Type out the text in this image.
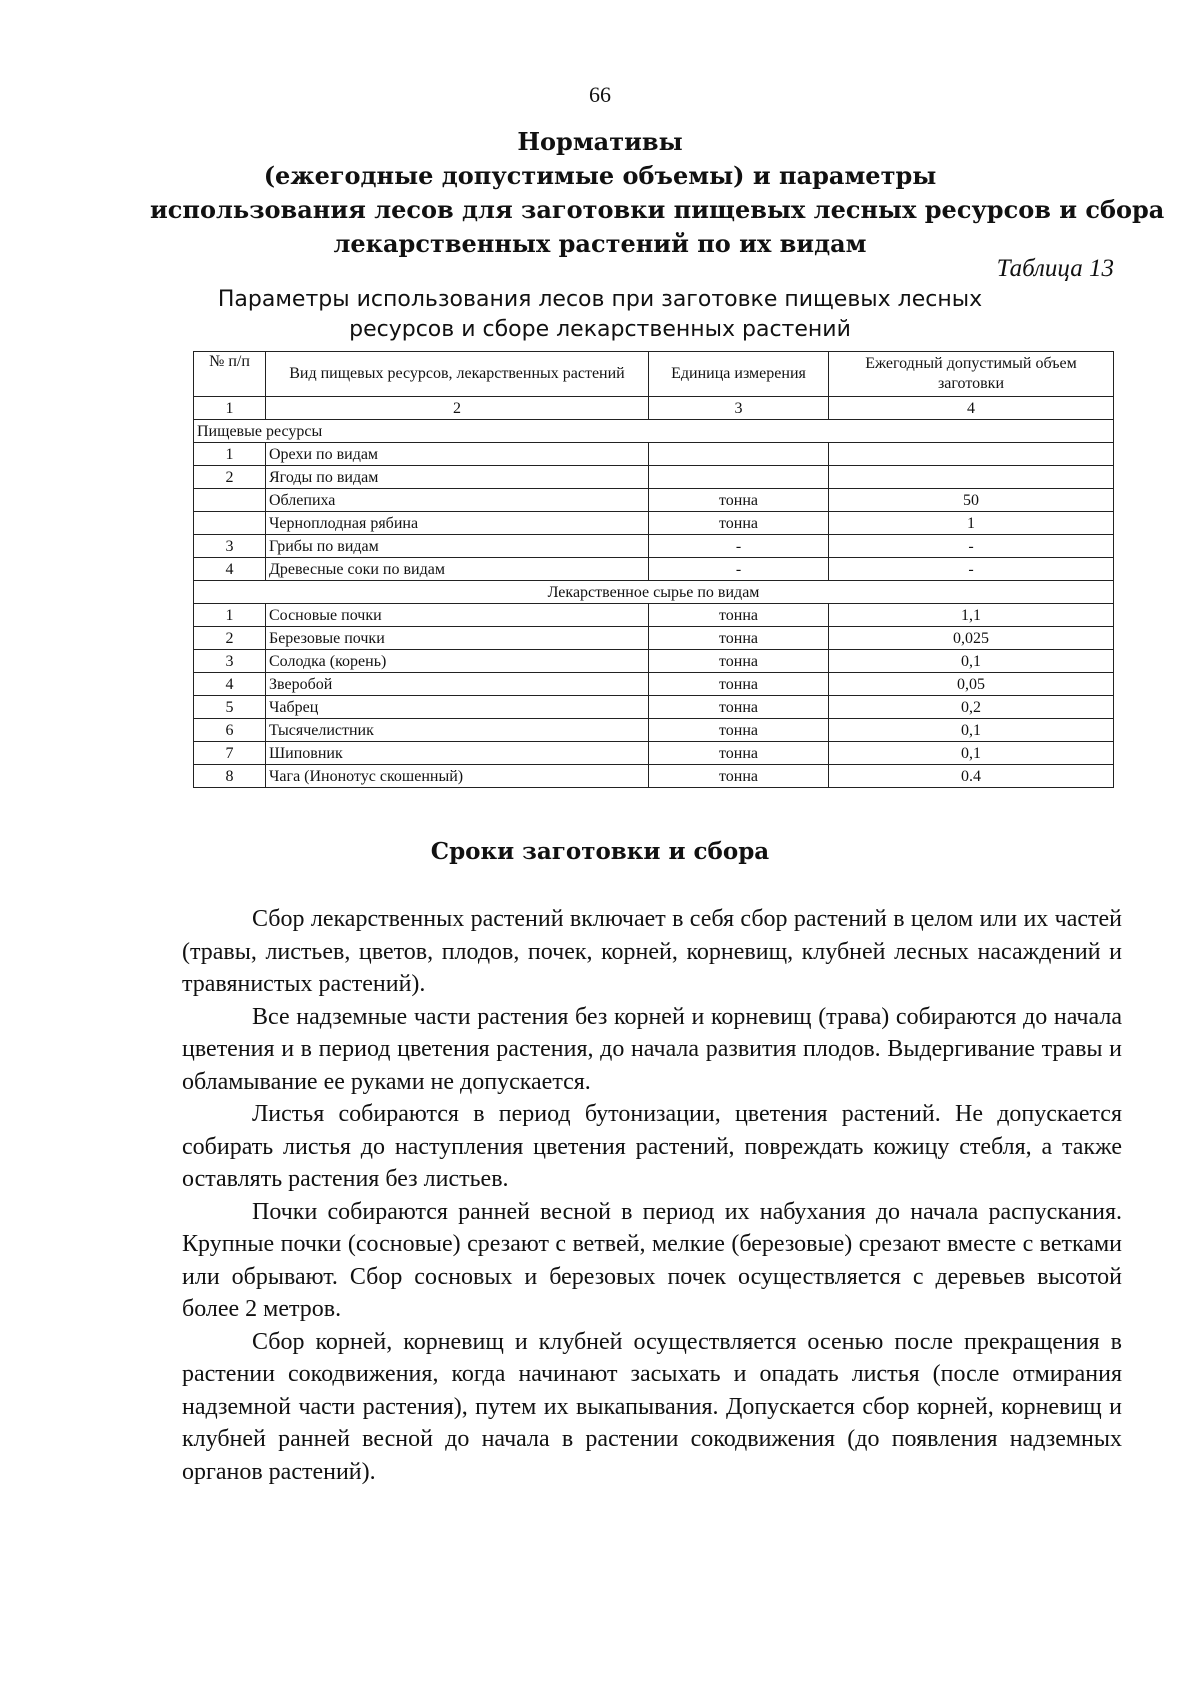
66
Нормативы
(ежегодные допустимые объемы) и параметры
использования лесов для заготовки пищевых лесных ресурсов и сбора
лекарственных растений по их видам
Таблица 13
Параметры использования лесов при заготовке пищевых лесных
ресурсов и сборе лекарственных растений
№ п/п	Вид пищевых ресурсов, лекарственных растений	Единица измерения	Ежегодный допустимый объем заготовки
1	2	3	4
Пищевые ресурсы			
1	Орехи по видам		
2	Ягоды по видам		
	Облепиха	тонна	50
	Черноплодная рябина	тонна	1
3	Грибы по видам	-	-
4	Древесные соки по видам	-	-
Лекарственное сырье по видам			
1	Сосновые почки	тонна	1,1
2	Березовые почки	тонна	0,025
3	Солодка (корень)	тонна	0,1
4	Зверобой	тонна	0,05
5	Чабрец	тонна	0,2
6	Тысячелистник	тонна	0,1
7	Шиповник	тонна	0,1
8	Чага (Инонотус скошенный)	тонна	0.4
Сроки заготовки и сбора

Сбор лекарственных растений включает в себя сбор растений в целом или их частей (травы, листьев, цветов, плодов, почек, корней, корневищ, клубней лесных насаждений и травянистых растений).

Все надземные части растения без корней и корневищ (трава) собираются до начала цветения и в период цветения растения, до начала развития плодов. Выдергивание травы и обламывание ее руками не допускается.

Листья собираются в период бутонизации, цветения растений. Не допускается собирать листья до наступления цветения растений, повреждать кожицу стебля, а также оставлять растения без листьев.

Почки собираются ранней весной в период их набухания до начала распускания. Крупные почки (сосновые) срезают с ветвей, мелкие (березовые) срезают вместе с ветками или обрывают. Сбор сосновых и березовых почек осуществляется с деревьев высотой более 2 метров.

Сбор корней, корневищ и клубней осуществляется осенью после прекращения в растении сокодвижения, когда начинают засыхать и опадать листья (после отмирания надземной части растения), путем их выкапывания. Допускается сбор корней, корневищ и клубней ранней весной до начала в растении сокодвижения (до появления надземных органов растений).
